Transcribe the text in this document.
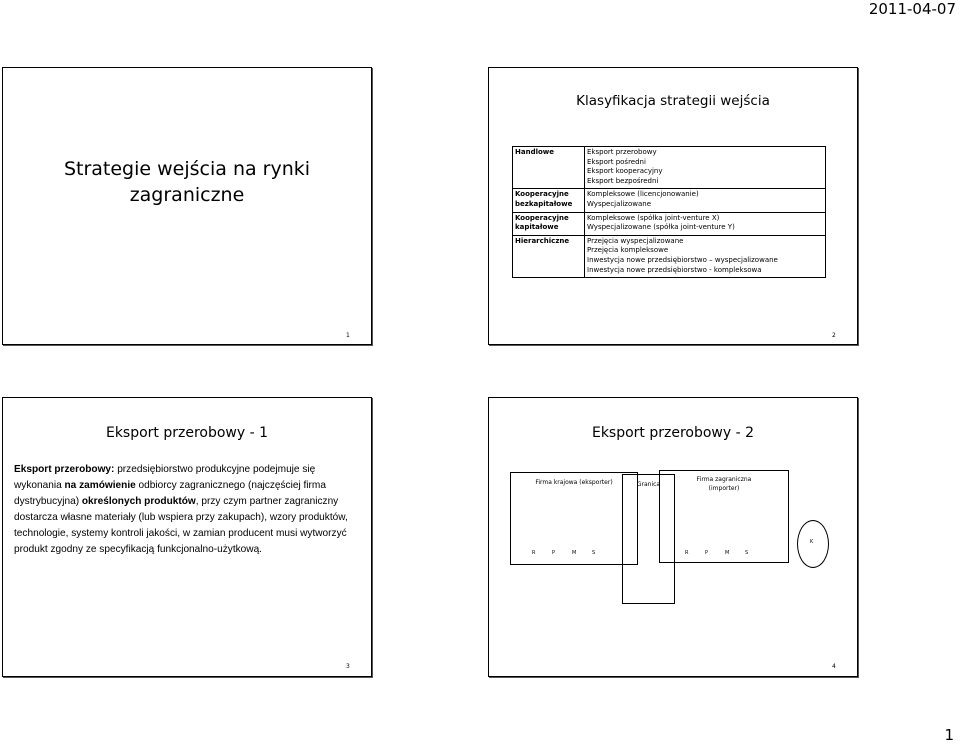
2011-04-07
Strategie wejścia na rynki
zagraniczne
1
Klasyfikacja strategii wejścia
Handlowe	Eksport przerobowy
Eksport pośredni
Eksport kooperacyjny
Eksport bezpośredni

Kooperacyjne bezkapitałowe	Kompleksowe (licencjonowanie)
Wyspecjalizowane

Kooperacyjne kapitałowe	Kompleksowe (spółka joint-venture X)
Wyspecjalizowane (spółka joint-venture Y)

Hierarchiczne	Przejęcia wyspecjalizowane
Przejęcia kompleksowe
Inwestycja nowe przedsiębiorstwo – wyspecjalizowane
Inwestycja nowe przedsiębiorstwo - kompleksowa
2
Eksport przerobowy - 1
Eksport przerobowy: przedsiębiorstwo produkcyjne podejmuje się wykonania na zamówienie odbiorcy zagranicznego (najczęściej firma dystrybucyjna) określonych produktów, przy czym partner zagraniczny dostarcza własne materiały (lub wspiera przy zakupach), wzory produktów, technologie, systemy kontroli jakości, w zamian producent musi wytworzyć produkt zgodny ze specyfikacją funkcjonalno-użytkową.
3
Eksport przerobowy - 2
Firma krajowa (eksporter)
R	P	M	S
Granica
Firma zagraniczna
(importer)
R	P	M	S
K
4
1
